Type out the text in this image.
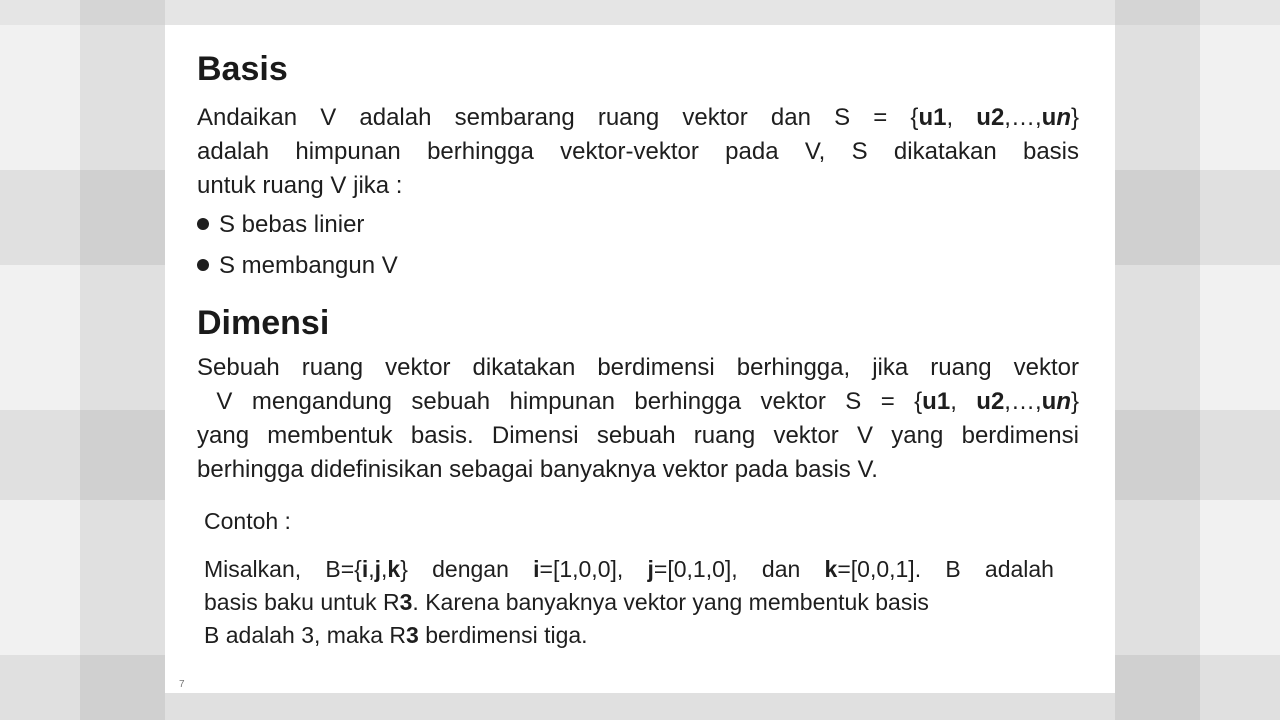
Basis
Andaikan V adalah sembarang ruang vektor dan S = {u1, u2,…,un}
adalah himpunan berhingga vektor-vektor pada V, S dikatakan basis
untuk ruang V jika :
S bebas linier
S membangun V
Dimensi
Sebuah ruang vektor dikatakan berdimensi berhingga, jika ruang vektor
V mengandung sebuah himpunan berhingga vektor S = {u1, u2,…,un}
yang membentuk basis. Dimensi sebuah ruang vektor V yang berdimensi
berhingga didefinisikan sebagai banyaknya vektor pada basis V.
Contoh :
Misalkan, B={i,j,k} dengan i=[1,0,0], j=[0,1,0], dan k=[0,0,1]. B adalah
basis baku untuk R3. Karena banyaknya vektor yang membentuk basis
B adalah 3, maka R3 berdimensi tiga.
7
